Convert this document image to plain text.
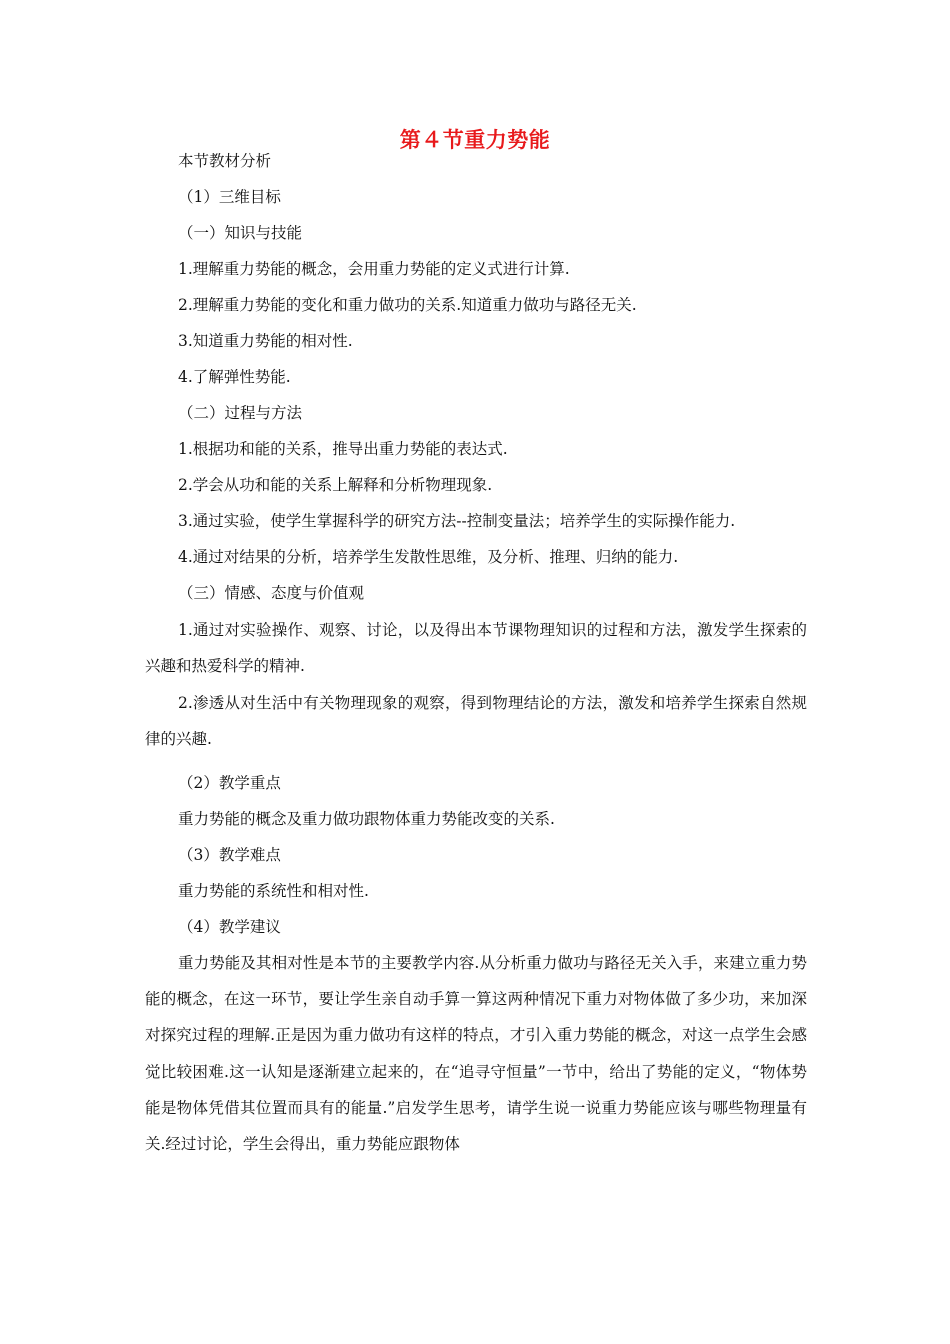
第４节重力势能
本节教材分析
（1）三维目标
（一）知识与技能
1.理解重力势能的概念，会用重力势能的定义式进行计算.
2.理解重力势能的变化和重力做功的关系.知道重力做功与路径无关.
3.知道重力势能的相对性.
4.了解弹性势能.
（二）过程与方法
1.根据功和能的关系，推导出重力势能的表达式.
2.学会从功和能的关系上解释和分析物理现象.
3.通过实验，使学生掌握科学的研究方法--控制变量法；培养学生的实际操作能力.
4.通过对结果的分析，培养学生发散性思维，及分析、推理、归纳的能力.
（三）情感、态度与价值观
1.通过对实验操作、观察、讨论，以及得出本节课物理知识的过程和方法，激发学生探索的兴趣和热爱科学的精神.
2.渗透从对生活中有关物理现象的观察，得到物理结论的方法，激发和培养学生探索自然规律的兴趣.
（2）教学重点
重力势能的概念及重力做功跟物体重力势能改变的关系.
（3）教学难点
重力势能的系统性和相对性.
（4）教学建议
重力势能及其相对性是本节的主要教学内容.从分析重力做功与路径无关入手，来建立重力势能的概念，在这一环节，要让学生亲自动手算一算这两种情况下重力对物体做了多少功，来加深对探究过程的理解.正是因为重力做功有这样的特点，才引入重力势能的概念，对这一点学生会感觉比较困难.这一认知是逐渐建立起来的，在“追寻守恒量”一节中，给出了势能的定义，“物体势能是物体凭借其位置而具有的能量.”启发学生思考，请学生说一说重力势能应该与哪些物理量有关.经过讨论，学生会得出，重力势能应跟物体
